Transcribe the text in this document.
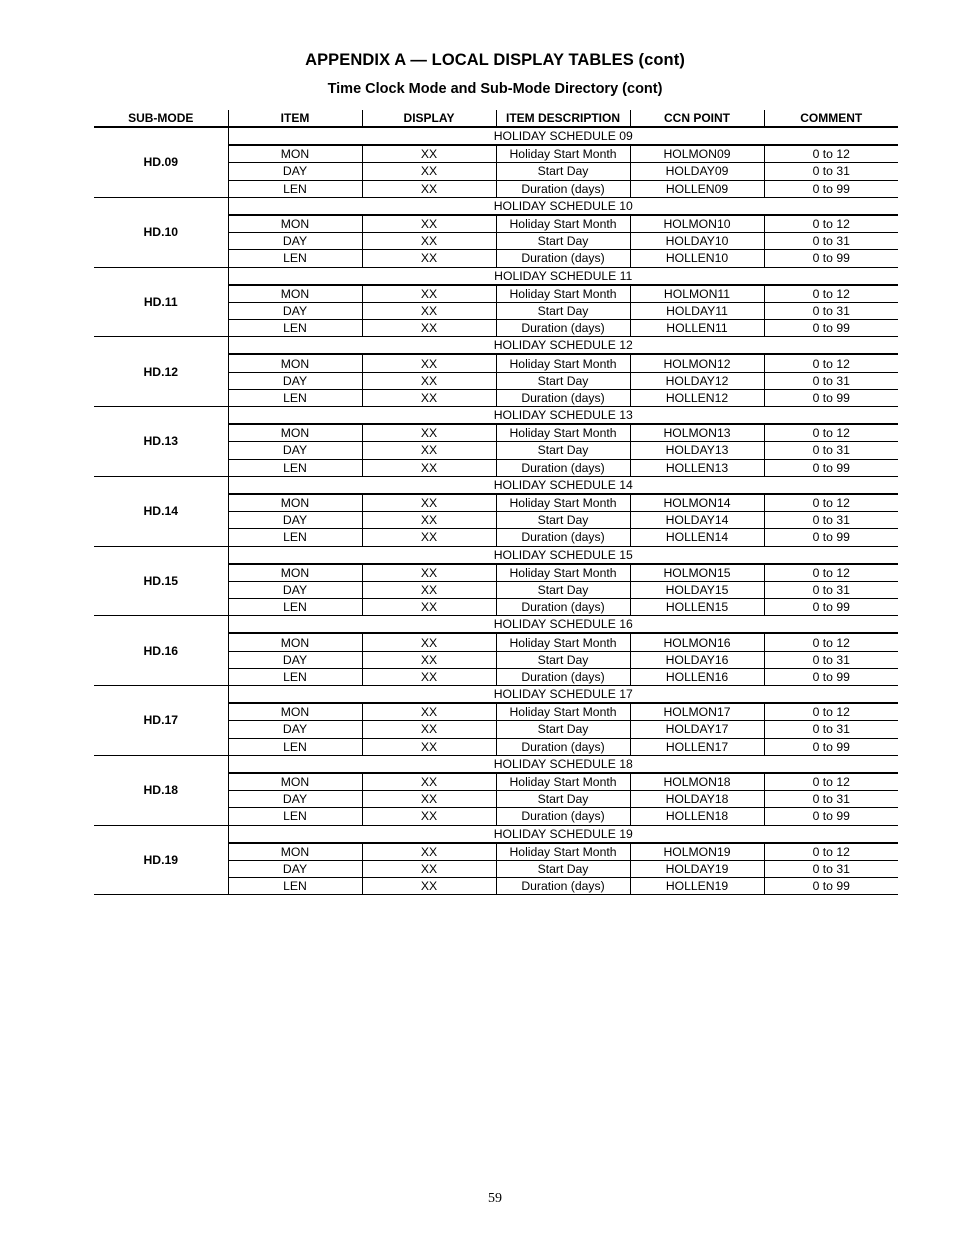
APPENDIX A — LOCAL DISPLAY TABLES (cont)
Time Clock Mode and Sub-Mode Directory (cont)
SUB-MODE	ITEM	DISPLAY	ITEM DESCRIPTION	CCN POINT	COMMENT
HD.09	HOLIDAY SCHEDULE 09				
	MON	XX	Holiday Start Month	HOLMON09	0 to 12
	DAY	XX	Start Day	HOLDAY09	0 to 31
	LEN	XX	Duration (days)	HOLLEN09	0 to 99
HD.10	HOLIDAY SCHEDULE 10				
	MON	XX	Holiday Start Month	HOLMON10	0 to 12
	DAY	XX	Start Day	HOLDAY10	0 to 31
	LEN	XX	Duration (days)	HOLLEN10	0 to 99
HD.11	HOLIDAY SCHEDULE 11				
	MON	XX	Holiday Start Month	HOLMON11	0 to 12
	DAY	XX	Start Day	HOLDAY11	0 to 31
	LEN	XX	Duration (days)	HOLLEN11	0 to 99
HD.12	HOLIDAY SCHEDULE 12				
	MON	XX	Holiday Start Month	HOLMON12	0 to 12
	DAY	XX	Start Day	HOLDAY12	0 to 31
	LEN	XX	Duration (days)	HOLLEN12	0 to 99
HD.13	HOLIDAY SCHEDULE 13				
	MON	XX	Holiday Start Month	HOLMON13	0 to 12
	DAY	XX	Start Day	HOLDAY13	0 to 31
	LEN	XX	Duration (days)	HOLLEN13	0 to 99
HD.14	HOLIDAY SCHEDULE 14				
	MON	XX	Holiday Start Month	HOLMON14	0 to 12
	DAY	XX	Start Day	HOLDAY14	0 to 31
	LEN	XX	Duration (days)	HOLLEN14	0 to 99
HD.15	HOLIDAY SCHEDULE 15				
	MON	XX	Holiday Start Month	HOLMON15	0 to 12
	DAY	XX	Start Day	HOLDAY15	0 to 31
	LEN	XX	Duration (days)	HOLLEN15	0 to 99
HD.16	HOLIDAY SCHEDULE 16				
	MON	XX	Holiday Start Month	HOLMON16	0 to 12
	DAY	XX	Start Day	HOLDAY16	0 to 31
	LEN	XX	Duration (days)	HOLLEN16	0 to 99
HD.17	HOLIDAY SCHEDULE 17				
	MON	XX	Holiday Start Month	HOLMON17	0 to 12
	DAY	XX	Start Day	HOLDAY17	0 to 31
	LEN	XX	Duration (days)	HOLLEN17	0 to 99
HD.18	HOLIDAY SCHEDULE 18				
	MON	XX	Holiday Start Month	HOLMON18	0 to 12
	DAY	XX	Start Day	HOLDAY18	0 to 31
	LEN	XX	Duration (days)	HOLLEN18	0 to 99
HD.19	HOLIDAY SCHEDULE 19				
	MON	XX	Holiday Start Month	HOLMON19	0 to 12
	DAY	XX	Start Day	HOLDAY19	0 to 31
	LEN	XX	Duration (days)	HOLLEN19	0 to 99
59
